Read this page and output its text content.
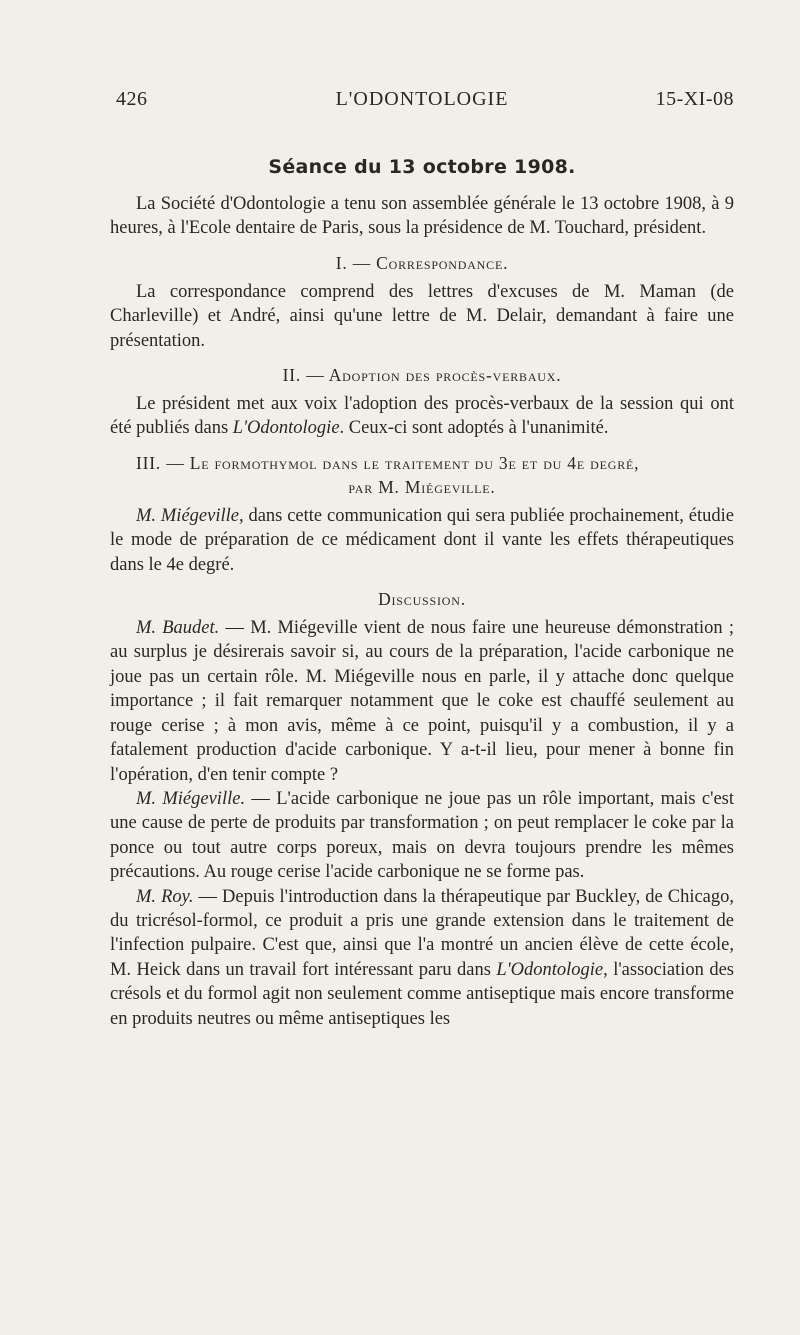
426	L'ODONTOLOGIE	15-XI-08
Séance du 13 octobre 1908.

La Société d'Odontologie a tenu son assemblée générale le 13 octobre 1908, à 9 heures, à l'Ecole dentaire de Paris, sous la présidence de M. Touchard, président.

I. — Correspondance.

La correspondance comprend des lettres d'excuses de M. Maman (de Charleville) et André, ainsi qu'une lettre de M. Delair, demandant à faire une présentation.

II. — Adoption des procès-verbaux.

Le président met aux voix l'adoption des procès-verbaux de la session qui ont été publiés dans L'Odontologie. Ceux-ci sont adoptés à l'unanimité.

III. — Le formothymol dans le traitement du 3e et du 4e degré,
par M. Miégeville.

M. Miégeville, dans cette communication qui sera publiée prochainement, étudie le mode de préparation de ce médicament dont il vante les effets thérapeutiques dans le 4e degré.

Discussion.

M. Baudet. — M. Miégeville vient de nous faire une heureuse démonstration ; au surplus je désirerais savoir si, au cours de la préparation, l'acide carbonique ne joue pas un certain rôle. M. Miégeville nous en parle, il y attache donc quelque importance ; il fait remarquer notamment que le coke est chauffé seulement au rouge cerise ; à mon avis, même à ce point, puisqu'il y a combustion, il y a fatalement production d'acide carbonique. Y a-t-il lieu, pour mener à bonne fin l'opération, d'en tenir compte ?

M. Miégeville. — L'acide carbonique ne joue pas un rôle important, mais c'est une cause de perte de produits par transformation ; on peut remplacer le coke par la ponce ou tout autre corps poreux, mais on devra toujours prendre les mêmes précautions. Au rouge cerise l'acide carbonique ne se forme pas.

M. Roy. — Depuis l'introduction dans la thérapeutique par Buckley, de Chicago, du tricrésol-formol, ce produit a pris une grande extension dans le traitement de l'infection pulpaire. C'est que, ainsi que l'a montré un ancien élève de cette école, M. Heick dans un travail fort intéressant paru dans L'Odontologie, l'association des crésols et du formol agit non seulement comme antiseptique mais encore transforme en produits neutres ou même antiseptiques les
